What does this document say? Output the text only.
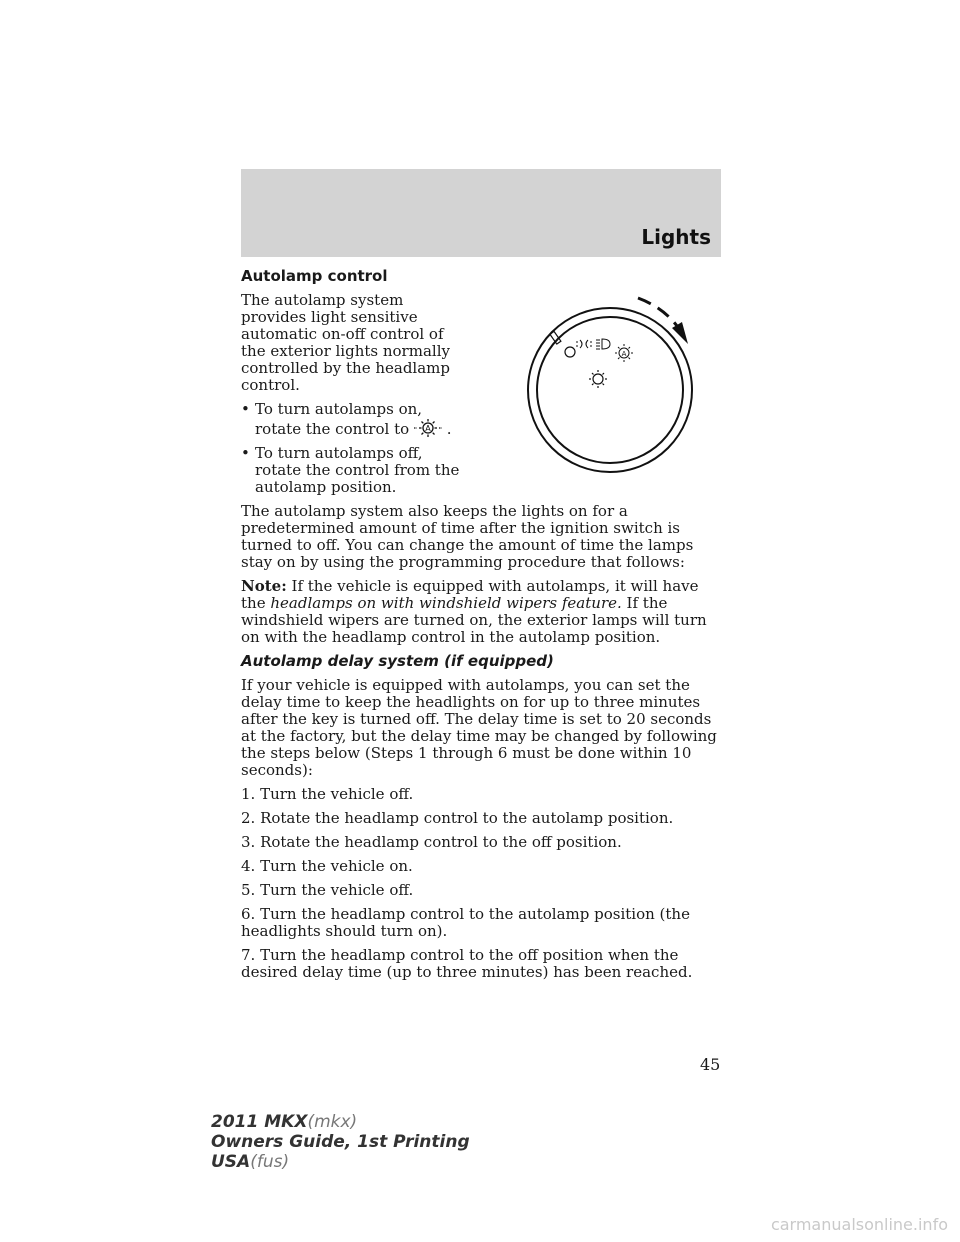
Lights
Autolamp control

The autolamp system provides light sensitive automatic on-off control of the exterior lights normally controlled by the headlamp control.

• To turn autolamps on, rotate the control to A .
• To turn autolamps off, rotate the control from the autolamp position.

The autolamp system also keeps the lights on for a predetermined amount of time after the ignition switch is turned to off. You can change the amount of time the lamps stay on by using the programming procedure that follows:

Note: If the vehicle is equipped with autolamps, it will have the headlamps on with windshield wipers feature. If the windshield wipers are turned on, the exterior lamps will turn on with the headlamp control in the autolamp position.

Autolamp delay system (if equipped)

If your vehicle is equipped with autolamps, you can set the delay time to keep the headlights on for up to three minutes after the key is turned off. The delay time is set to 20 seconds at the factory, but the delay time may be changed by following the steps below (Steps 1 through 6 must be done within 10 seconds):

1. Turn the vehicle off.

2. Rotate the headlamp control to the autolamp position.

3. Rotate the headlamp control to the off position.

4. Turn the vehicle on.

5. Turn the vehicle off.

6. Turn the headlamp control to the autolamp position (the headlights should turn on).

7. Turn the headlamp control to the off position when the desired delay time (up to three minutes) has been reached.

A
45
2011 MKX(mkx)
Owners Guide, 1st Printing
USA(fus)
carmanualsonline.info
